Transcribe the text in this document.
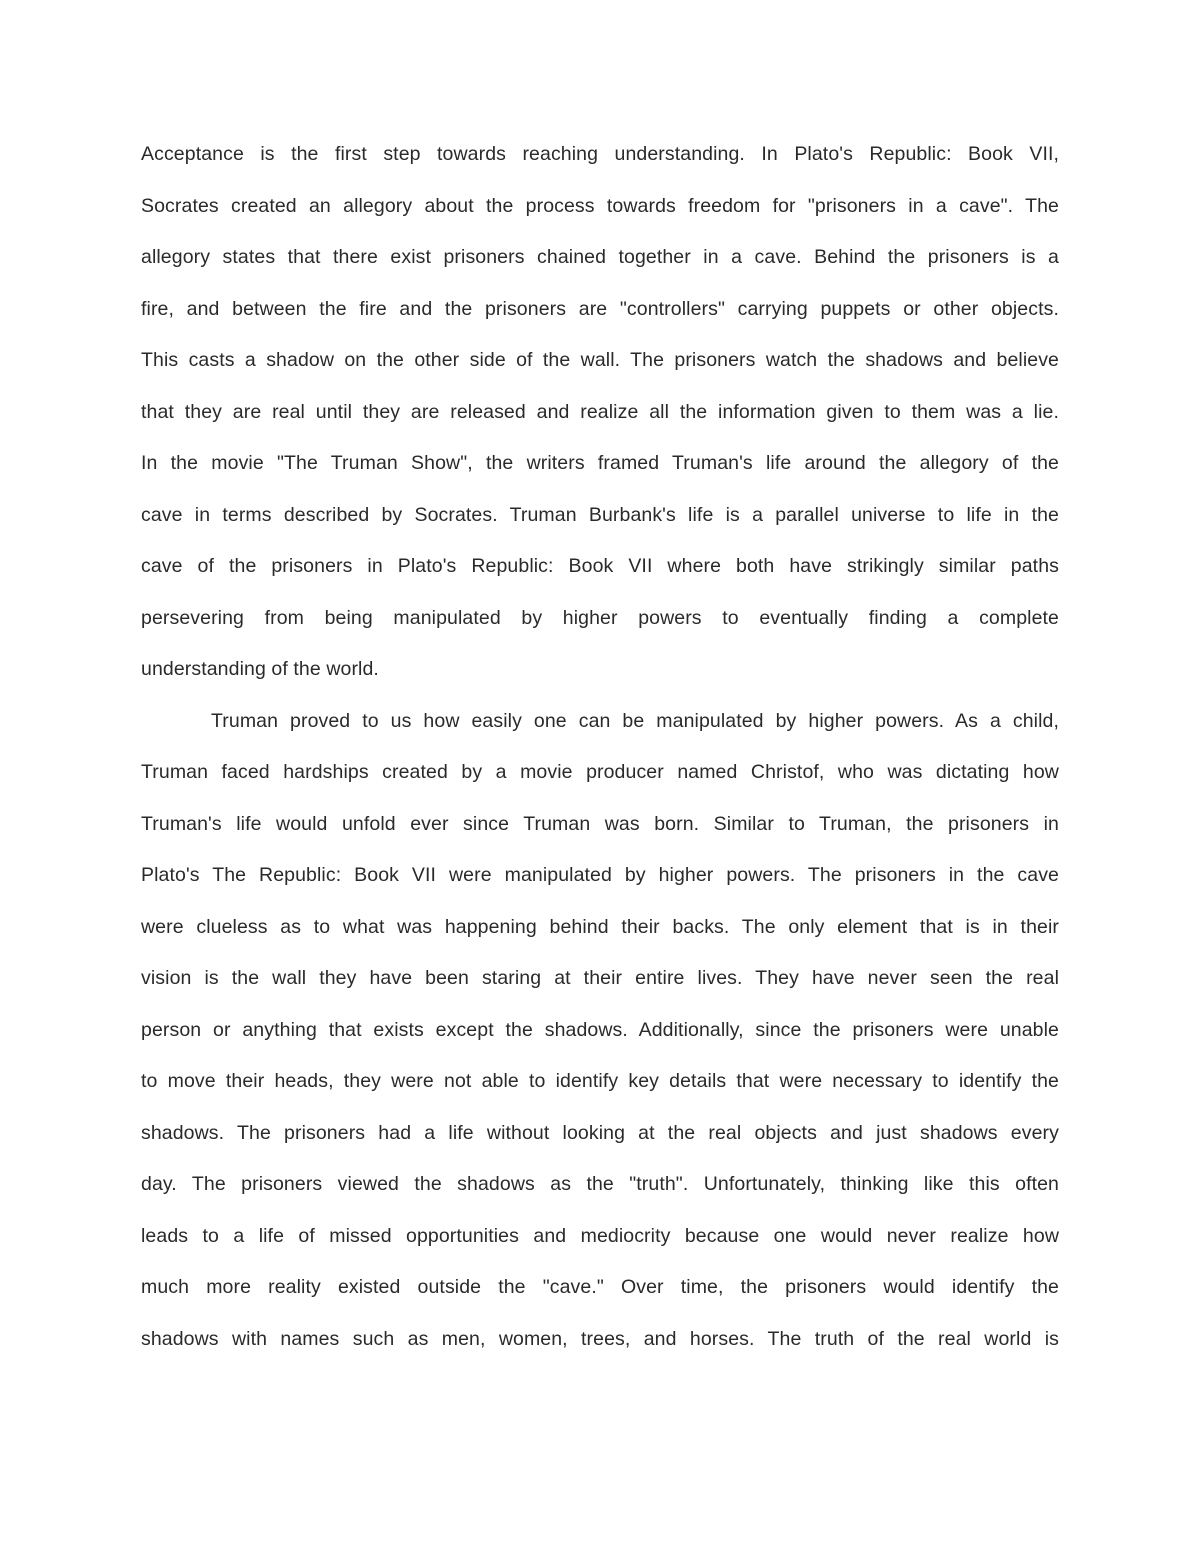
Acceptance is the first step towards reaching understanding. In Plato's Republic: Book VII,
Socrates created an allegory about the process towards freedom for "prisoners in a cave". The
allegory states that there exist prisoners chained together in a cave. Behind the prisoners is a
fire, and between the fire and the prisoners are "controllers" carrying puppets or other objects.
This casts a shadow on the other side of the wall. The prisoners watch the shadows and believe
that they are real until they are released and realize all the information given to them was a lie.
In the movie "The Truman Show", the writers framed Truman's life around the allegory of the
cave in terms described by Socrates. Truman Burbank's life is a parallel universe to life in the
cave of the prisoners in Plato's Republic: Book VII where both have strikingly similar paths
persevering from being manipulated by higher powers to eventually finding a complete
understanding of the world.
Truman proved to us how easily one can be manipulated by higher powers. As a child,
Truman faced hardships created by a movie producer named Christof, who was dictating how
Truman's life would unfold ever since Truman was born. Similar to Truman, the prisoners in
Plato's The Republic: Book VII were manipulated by higher powers. The prisoners in the cave
were clueless as to what was happening behind their backs. The only element that is in their
vision is the wall they have been staring at their entire lives. They have never seen the real
person or anything that exists except the shadows. Additionally, since the prisoners were unable
to move their heads, they were not able to identify key details that were necessary to identify the
shadows. The prisoners had a life without looking at the real objects and just shadows every
day. The prisoners viewed the shadows as the "truth". Unfortunately, thinking like this often
leads to a life of missed opportunities and mediocrity because one would never realize how
much more reality existed outside the "cave." Over time, the prisoners would identify the
shadows with names such as men, women, trees, and horses. The truth of the real world is
